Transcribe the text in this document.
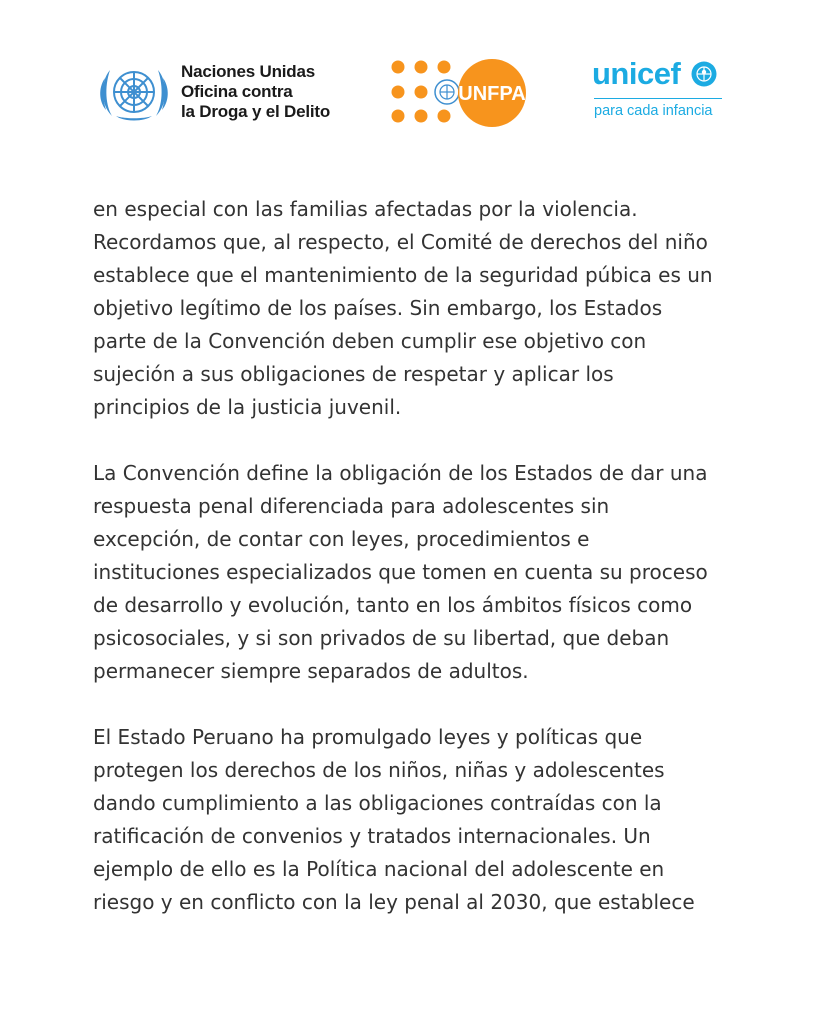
Naciones Unidas
Oficina contra
la Droga y el Delito
UNFPA
unicef
para cada infancia

en especial con las familias afectadas por la violencia.
Recordamos que, al respecto, el Comité de derechos del niño
establece que el mantenimiento de la seguridad púbica es un
objetivo legítimo de los países. Sin embargo, los Estados
parte de la Convención deben cumplir ese objetivo con
sujeción a sus obligaciones de respetar y aplicar los
principios de la justicia juvenil.

La Convención define la obligación de los Estados de dar una
respuesta penal diferenciada para adolescentes sin
excepción, de contar con leyes, procedimientos e
instituciones especializados que tomen en cuenta su proceso
de desarrollo y evolución, tanto en los ámbitos físicos como
psicosociales, y si son privados de su libertad, que deban
permanecer siempre separados de adultos.

El Estado Peruano ha promulgado leyes y políticas que
protegen los derechos de los niños, niñas y adolescentes
dando cumplimiento a las obligaciones contraídas con la
ratificación de convenios y tratados internacionales. Un
ejemplo de ello es la Política nacional del adolescente en
riesgo y en conflicto con la ley penal al 2030, que establece
